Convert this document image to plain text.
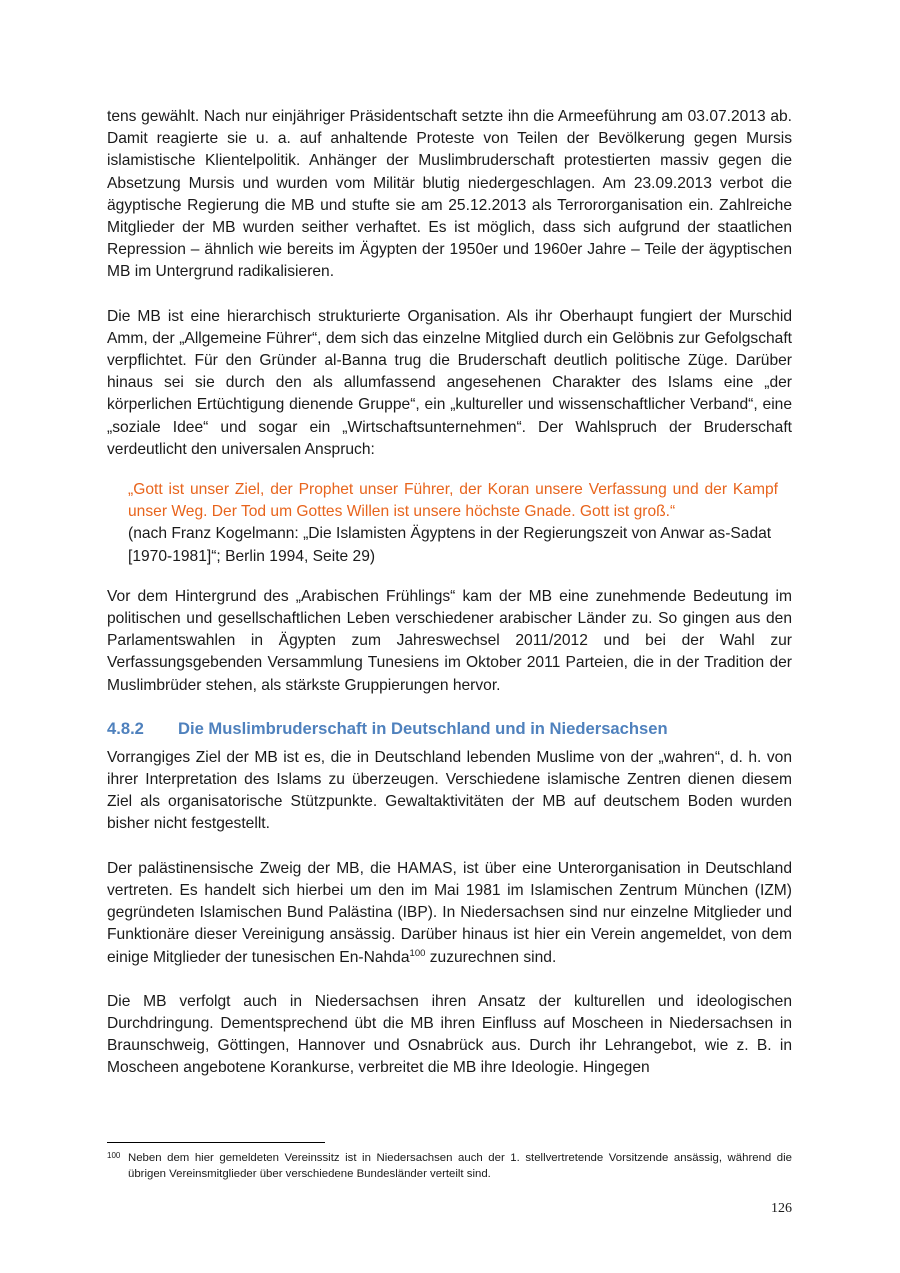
tens gewählt. Nach nur einjähriger Präsidentschaft setzte ihn die Armeeführung am 03.07.2013 ab. Damit reagierte sie u. a. auf anhaltende Proteste von Teilen der Bevölkerung gegen Mursis islamistische Klientelpolitik. Anhänger der Muslimbruderschaft protestierten massiv gegen die Absetzung Mursis und wurden vom Militär blutig niedergeschlagen. Am 23.09.2013 verbot die ägyptische Regierung die MB und stufte sie am 25.12.2013 als Terrororganisation ein. Zahlreiche Mitglieder der MB wurden seither verhaftet. Es ist möglich, dass sich aufgrund der staatlichen Repression – ähnlich wie bereits im Ägypten der 1950er und 1960er Jahre – Teile der ägyptischen MB im Untergrund radikalisieren.

Die MB ist eine hierarchisch strukturierte Organisation. Als ihr Oberhaupt fungiert der Murschid Amm, der „Allgemeine Führer“, dem sich das einzelne Mitglied durch ein Gelöbnis zur Gefolgschaft verpflichtet. Für den Gründer al-Banna trug die Bruderschaft deutlich politische Züge. Darüber hinaus sei sie durch den als allumfassend angesehenen Charakter des Islams eine „der körperlichen Ertüchtigung dienende Gruppe“, ein „kultureller und wissenschaftlicher Verband“, eine „soziale Idee“ und sogar ein „Wirtschaftsunternehmen“. Der Wahlspruch der Bruderschaft verdeutlicht den universalen Anspruch:

„Gott ist unser Ziel, der Prophet unser Führer, der Koran unsere Verfassung und der Kampf unser Weg. Der Tod um Gottes Willen ist unsere höchste Gnade. Gott ist groß.“

(nach Franz Kogelmann: „Die Islamisten Ägyptens in der Regierungszeit von Anwar as-Sadat [1970-1981]“; Berlin 1994, Seite 29)

Vor dem Hintergrund des „Arabischen Frühlings“ kam der MB eine zunehmende Bedeutung im politischen und gesellschaftlichen Leben verschiedener arabischer Länder zu. So gingen aus den Parlamentswahlen in Ägypten zum Jahreswechsel 2011/2012 und bei der Wahl zur Verfassungsgebenden Versammlung Tunesiens im Oktober 2011 Parteien, die in der Tradition der Muslimbrüder stehen, als stärkste Gruppierungen hervor.

4.8.2	Die Muslimbruderschaft in Deutschland und in Niedersachsen

Vorrangiges Ziel der MB ist es, die in Deutschland lebenden Muslime von der „wahren“, d. h. von ihrer Interpretation des Islams zu überzeugen. Verschiedene islamische Zentren dienen diesem Ziel als organisatorische Stützpunkte. Gewaltaktivitäten der MB auf deutschem Boden wurden bisher nicht festgestellt.

Der palästinensische Zweig der MB, die HAMAS, ist über eine Unterorganisation in Deutschland vertreten. Es handelt sich hierbei um den im Mai 1981 im Islamischen Zentrum München (IZM) gegründeten Islamischen Bund Palästina (IBP). In Niedersachsen sind nur einzelne Mitglieder und Funktionäre dieser Vereinigung ansässig. Darüber hinaus ist hier ein Verein angemeldet, von dem einige Mitglieder der tunesischen En-Nahda$^{100}$ zuzurechnen sind.

Die MB verfolgt auch in Niedersachsen ihren Ansatz der kulturellen und ideologischen Durchdringung. Dementsprechend übt die MB ihren Einfluss auf Moscheen in Niedersachsen in Braunschweig, Göttingen, Hannover und Osnabrück aus. Durch ihr Lehrangebot, wie z. B. in Moscheen angebotene Korankurse, verbreitet die MB ihre Ideologie. Hingegen

100 Neben dem hier gemeldeten Vereinssitz ist in Niedersachsen auch der 1. stellvertretende Vorsitzende ansässig, während die übrigen Vereinsmitglieder über verschiedene Bundesländer verteilt sind.
126
